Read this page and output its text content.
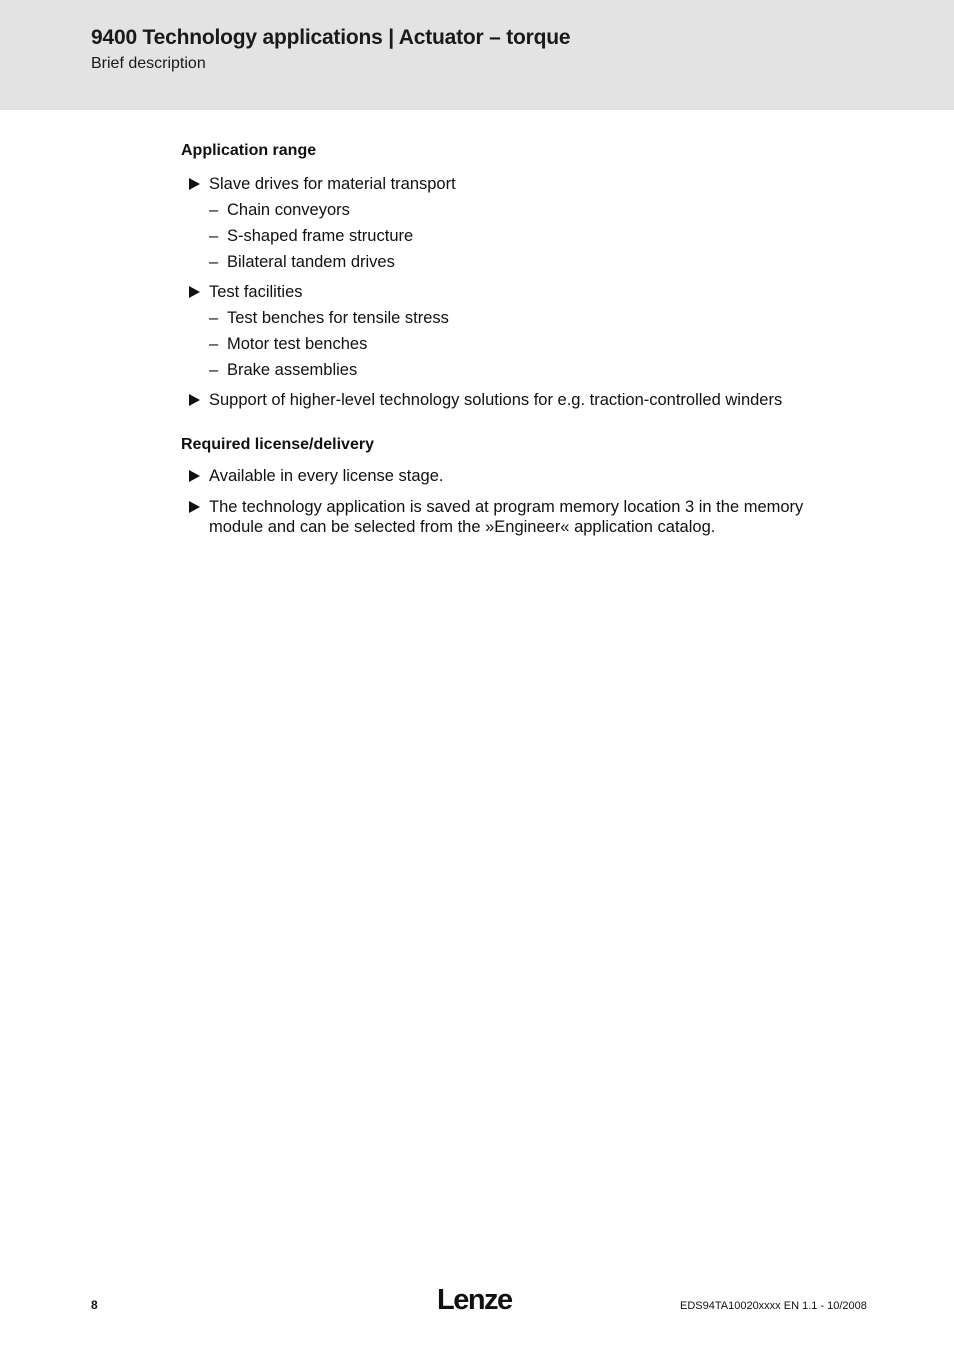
9400 Technology applications | Actuator – torque
Brief description
Application range
Slave drives for material transport
– Chain conveyors
– S-shaped frame structure
– Bilateral tandem drives
Test facilities
– Test benches for tensile stress
– Motor test benches
– Brake assemblies
Support of higher-level technology solutions for e.g. traction-controlled winders
Required license/delivery
Available in every license stage.
The technology application is saved at program memory location 3 in the memory module and can be selected from the »Engineer« application catalog.
8	Lenze	EDS94TA10020xxxx EN 1.1 - 10/2008
